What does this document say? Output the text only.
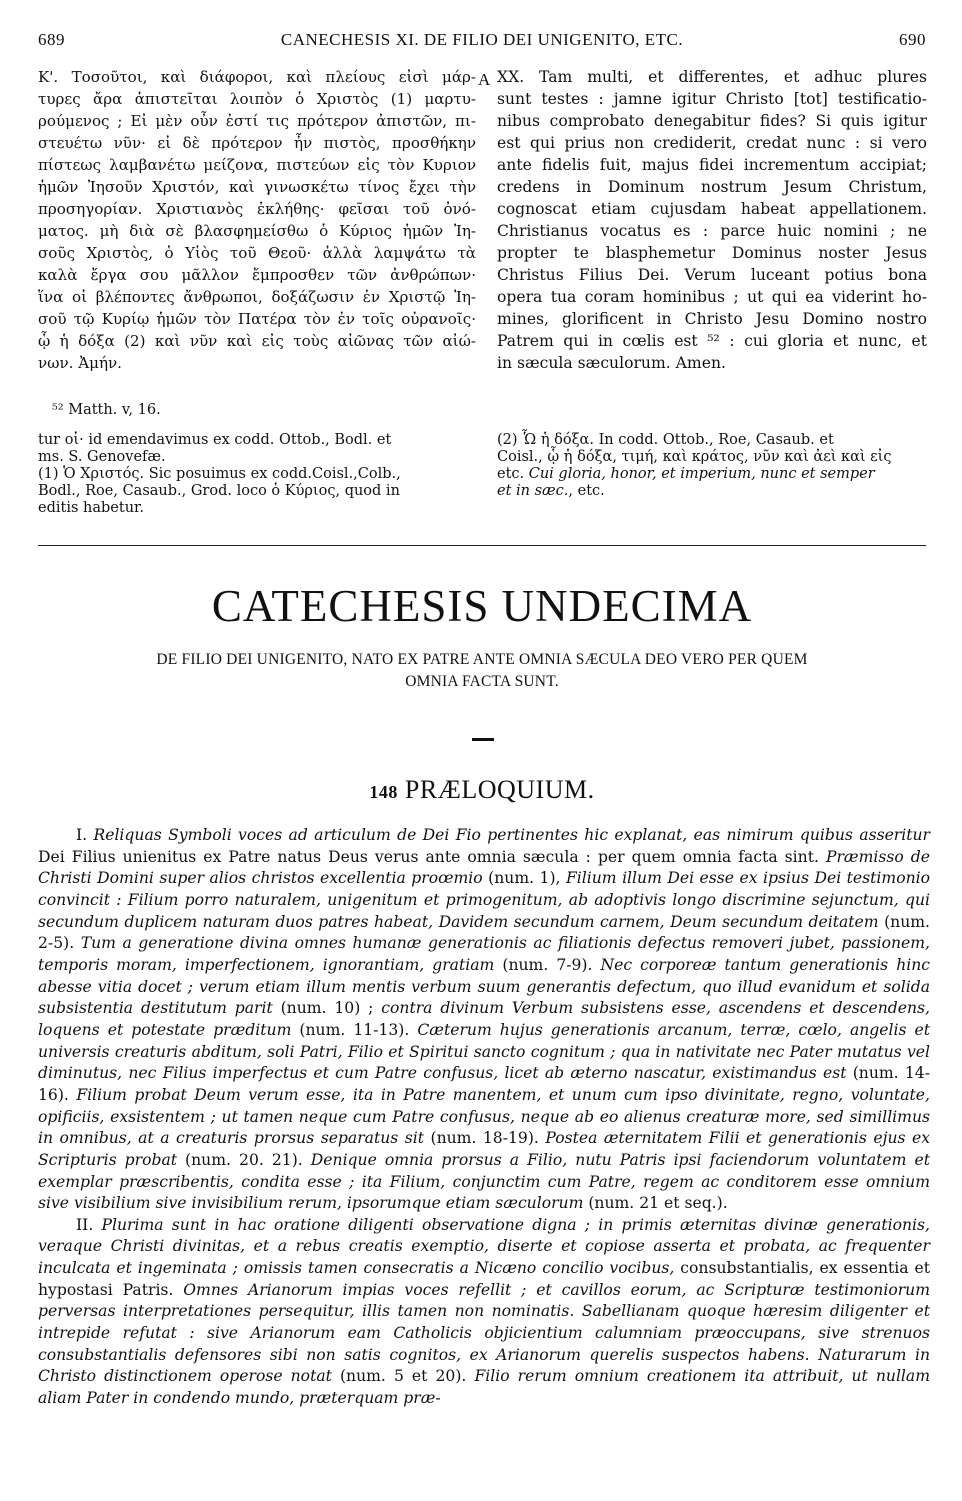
689	CANECHESIS XI. DE FILIO DEI UNIGENITO, ETC.	690
K'. Τοσοῦτοι, καὶ διάφοροι, καὶ πλείους εἰσὶ μάρ-
τυρες ἄρα ἀπιστεῖται λοιπὸν ὁ Χριστὸς (1) μαρτυ-
ρούμενος ; Εἰ μὲν οὖν ἐστί τις πρότερον ἀπιστῶν, πι-
στευέτω νῦν· εἰ δὲ πρότερον ἦν πιστὸς, προσθήκην
πίστεως λαμβανέτω μείζονα, πιστεύων εἰς τὸν Κυριον
ἡμῶν Ἰησοῦν Χριστόν, καὶ γινωσκέτω τίνος ἔχει τὴν
προσηγορίαν. Χριστιανὸς ἐκλήθης· φεῖσαι τοῦ ὀνό-
ματος. μὴ διὰ σὲ βλασφημείσθω ὁ Κύριος ἡμῶν Ἰη-
σοῦς Χριστὸς, ὁ Υἱὸς τοῦ Θεοῦ· ἀλλὰ λαμψάτω τὰ
καλὰ ἔργα σου μᾶλλον ἔμπροσθεν τῶν ἀνθρώπων·
ἵνα οἱ βλέποντες ἄνθρωποι, δοξάζωσιν ἐν Χριστῷ Ἰη-
σοῦ τῷ Κυρίῳ ἡμῶν τὸν Πατέρα τὸν ἐν τοῖς οὐρανοῖς·
ᾧ ἡ δόξα (2) καὶ νῦν καὶ εἰς τοὺς αἰῶνας τῶν αἰώ-
νων. Ἀμήν.
A XX. Tam multi, et differentes, et adhuc plures
sunt testes : jamne igitur Christo [tot] testificatio-
nibus comprobato denegabitur fides? Si quis igitur
est qui prius non crediderit, credat nunc : si vero
ante fidelis fuit, majus fidei incrementum accipiat;
credens in Dominum nostrum Jesum Christum,
cognoscat etiam cujusdam habeat appellationem.
Christianus vocatus es : parce huic nomini ; ne
propter te blasphemetur Dominus noster Jesus
Christus Filius Dei. Verum luceant potius bona
opera tua coram hominibus ; ut qui ea viderint ho-
mines, glorificent in Christo Jesu Domino nostro
Patrem qui in cœlis est ⁵² : cui gloria et nunc, et
in sæcula sæculorum. Amen.
⁵² Matth. v, 16.
tur οἱ· id emendavimus ex codd. Ottob., Bodl. et
ms. S. Genovefæ.
(1) Ὁ Χριστός. Sic posuimus ex codd.Coisl.,Colb.,
Bodl., Roe, Casaub., Grod. loco ὁ Κύριος, quod in
editis habetur.
(2) Ὧ ἡ δόξα. In codd. Ottob., Roe, Casaub. et
Coisl., ᾧ ἡ δόξα, τιμή, καὶ κράτος, νῦν καὶ ἀεὶ καὶ εἰς
etc. Cui gloria, honor, et imperium, nunc et semper
et in sæc., etc.
CATECHESIS UNDECIMA
DE FILIO DEI UNIGENITO, NATO EX PATRE ANTE OMNIA SÆCULA DEO VERO PER QUEM
OMNIA FACTA SUNT.
148 PRÆLOQUIUM.

I. Reliquas Symboli voces ad articulum de Dei Fio pertinentes hic explanat, eas nimirum quibus asseritur Dei Filius unienitus ex Patre natus Deus verus ante omnia sæcula : per quem omnia facta sint. Præmisso de Christi Domini super alios christos excellentia proœmio (num. 1), Filium illum Dei esse ex ipsius Dei testimonio convincit : Filium porro naturalem, unigenitum et primogenitum, ab adoptivis longo discrimine sejunctum, qui secundum duplicem naturam duos patres habeat, Davidem secundum carnem, Deum secundum deitatem (num. 2-5). Tum a generatione divina omnes humanæ generationis ac filiationis defectus removeri jubet, passionem, temporis moram, imperfectionem, ignorantiam, gratiam (num. 7-9). Nec corporeæ tantum generationis hinc abesse vitia docet ; verum etiam illum mentis verbum suum generantis defectum, quo illud evanidum et solida subsistentia destitutum parit (num. 10) ; contra divinum Verbum subsistens esse, ascendens et descendens, loquens et potestate præditum (num. 11-13). Cæterum hujus generationis arcanum, terræ, cœlo, angelis et universis creaturis abditum, soli Patri, Filio et Spiritui sancto cognitum ; qua in nativitate nec Pater mutatus vel diminutus, nec Filius imperfectus et cum Patre confusus, licet ab æterno nascatur, existimandus est (num. 14-16). Filium probat Deum verum esse, ita in Patre manentem, et unum cum ipso divinitate, regno, voluntate, opificiis, exsistentem ; ut tamen neque cum Patre confusus, neque ab eo alienus creaturæ more, sed simillimus in omnibus, at a creaturis prorsus separatus sit (num. 18-19). Postea æternitatem Filii et generationis ejus ex Scripturis probat (num. 20. 21). Denique omnia prorsus a Filio, nutu Patris ipsi faciendorum voluntatem et exemplar præscribentis, condita esse ; ita Filium, conjunctim cum Patre, regem ac conditorem esse omnium sive visibilium sive invisibilium rerum, ipsorumque etiam sæculorum (num. 21 et seq.).

II. Plurima sunt in hac oratione diligenti observatione digna ; in primis æternitas divinæ generationis, veraque Christi divinitas, et a rebus creatis exemptio, diserte et copiose asserta et probata, ac frequenter inculcata et ingeminata ; omissis tamen consecratis a Nicæno concilio vocibus, consubstantialis, ex essentia et hypostasi Patris. Omnes Arianorum impias voces refellit ; et cavillos eorum, ac Scripturæ testimoniorum perversas interpretationes persequitur, illis tamen non nominatis. Sabellianam quoque hæresim diligenter et intrepide refutat : sive Arianorum eam Catholicis objicientium calumniam præoccupans, sive strenuos consubstantialis defensores sibi non satis cognitos, ex Arianorum querelis suspectos habens. Naturarum in Christo distinctionem operose notat (num. 5 et 20). Filio rerum omnium creationem ita attribuit, ut nullam aliam Pater in condendo mundo, præterquam præ-
